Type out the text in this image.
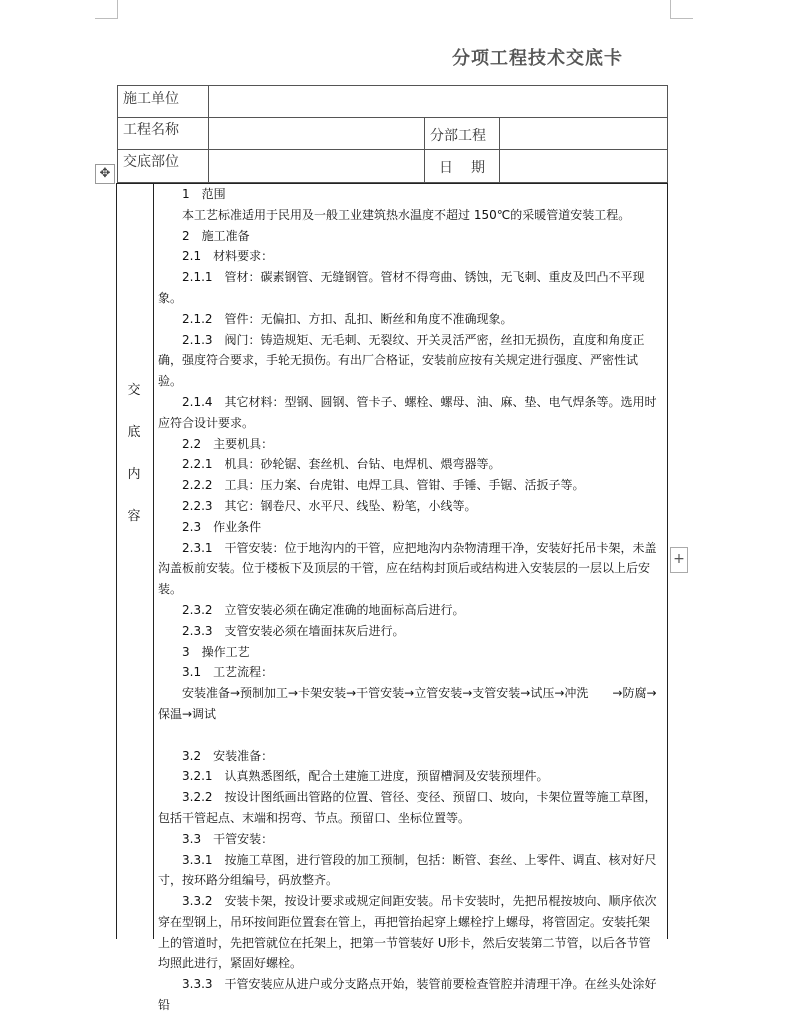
分项工程技术交底卡
施工单位
工程名称	分部工程
交底部位	日　期
✥
交
底
内
容

1　范围

本工艺标准适用于民用及一般工业建筑热水温度不超过 150℃的采暖管道安装工程。

2　施工准备

2.1　材料要求：

2.1.1　管材：碳素钢管、无缝钢管。管材不得弯曲、锈蚀，无飞刺、重皮及凹凸不平现象。

2.1.2　管件：无偏扣、方扣、乱扣、断丝和角度不准确现象。

2.1.3　阀门：铸造规矩、无毛刺、无裂纹、开关灵活严密，丝扣无损伤，直度和角度正确，强度符合要求，手轮无损伤。有出厂合格证，安装前应按有关规定进行强度、严密性试验。

2.1.4　其它材料：型钢、圆钢、管卡子、螺栓、螺母、油、麻、垫、电气焊条等。选用时应符合设计要求。

2.2　主要机具：

2.2.1　机具：砂轮锯、套丝机、台钻、电焊机、煨弯器等。

2.2.2　工具：压力案、台虎钳、电焊工具、管钳、手锤、手锯、活扳子等。

2.2.3　其它：钢卷尺、水平尺、线坠、粉笔，小线等。

2.3　作业条件

2.3.1　干管安装：位于地沟内的干管，应把地沟内杂物清理干净，安装好托吊卡架，未盖沟盖板前安装。位于楼板下及顶层的干管，应在结构封顶后或结构进入安装层的一层以上后安装。

2.3.2　立管安装必须在确定准确的地面标高后进行。

2.3.3　支管安装必须在墙面抹灰后进行。

3　操作工艺

3.1　工艺流程：

安装准备→预制加工→卡架安装→干管安装→立管安装→支管安装→试压→冲洗　　→防腐→保温→调试

3.2　安装准备：

3.2.1　认真熟悉图纸，配合土建施工进度，预留槽洞及安装预埋件。

3.2.2　按设计图纸画出管路的位置、管径、变径、预留口、坡向，卡架位置等施工草图，包括干管起点、末端和拐弯、节点。预留口、坐标位置等。

3.3　干管安装：

3.3.1　按施工草图，进行管段的加工预制，包括：断管、套丝、上零件、调直、核对好尺寸，按环路分组编号，码放整齐。

3.3.2　安装卡架，按设计要求或规定间距安装。吊卡安装时，先把吊棍按坡向、顺序依次穿在型钢上，吊环按间距位置套在管上，再把管抬起穿上螺栓拧上螺母，将管固定。安装托架上的管道时，先把管就位在托架上，把第一节管装好 U形卡，然后安装第二节管，以后各节管均照此进行，紧固好螺栓。

3.3.3　干管安装应从进户或分支路点开始，装管前要检查管腔并清理干净。在丝头处涂好铅

+
